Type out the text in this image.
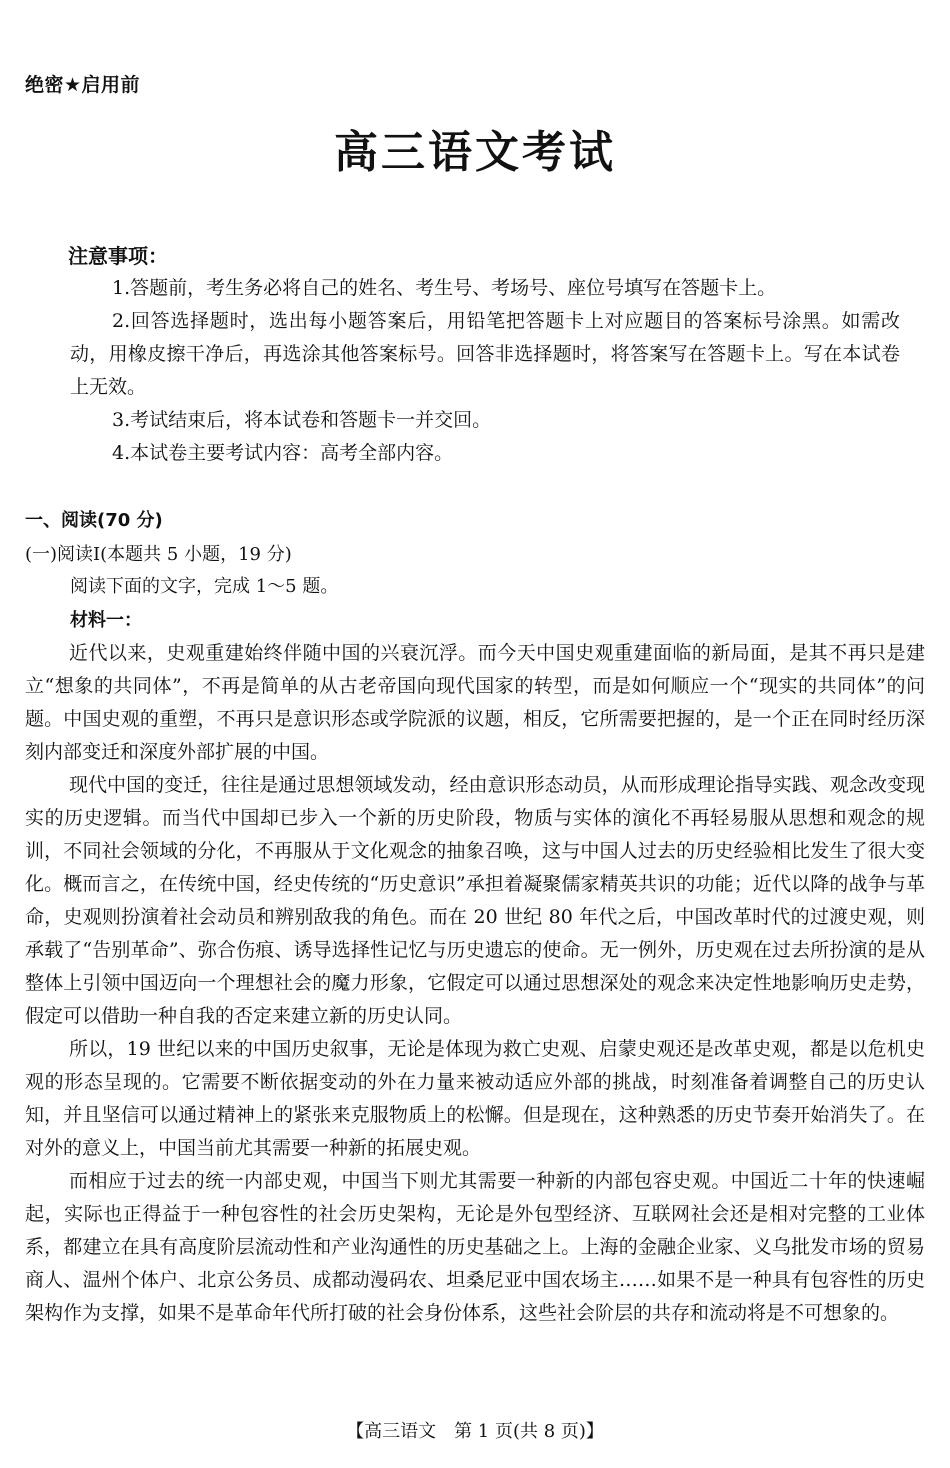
绝密★启用前
高三语文考试
注意事项：

1.答题前，考生务必将自己的姓名、考生号、考场号、座位号填写在答题卡上。

2.回答选择题时，选出每小题答案后，用铅笔把答题卡上对应题目的答案标号涂黑。如需改动，用橡皮擦干净后，再选涂其他答案标号。回答非选择题时，将答案写在答题卡上。写在本试卷上无效。

3.考试结束后，将本试卷和答题卡一并交回。

4.本试卷主要考试内容：高考全部内容。

一、阅读(70 分)
(一)阅读Ⅰ(本题共 5 小题，19 分)
阅读下面的文字，完成 1～5 题。
材料一：

近代以来，史观重建始终伴随中国的兴衰沉浮。而今天中国史观重建面临的新局面，是其不再只是建立“想象的共同体”，不再是简单的从古老帝国向现代国家的转型，而是如何顺应一个“现实的共同体”的问题。中国史观的重塑，不再只是意识形态或学院派的议题，相反，它所需要把握的，是一个正在同时经历深刻内部变迁和深度外部扩展的中国。

现代中国的变迁，往往是通过思想领域发动，经由意识形态动员，从而形成理论指导实践、观念改变现实的历史逻辑。而当代中国却已步入一个新的历史阶段，物质与实体的演化不再轻易服从思想和观念的规训，不同社会领域的分化，不再服从于文化观念的抽象召唤，这与中国人过去的历史经验相比发生了很大变化。概而言之，在传统中国，经史传统的“历史意识”承担着凝聚儒家精英共识的功能；近代以降的战争与革命，史观则扮演着社会动员和辨别敌我的角色。而在 20 世纪 80 年代之后，中国改革时代的过渡史观，则承载了“告别革命”、弥合伤痕、诱导选择性记忆与历史遗忘的使命。无一例外，历史观在过去所扮演的是从整体上引领中国迈向一个理想社会的魔力形象，它假定可以通过思想深处的观念来决定性地影响历史走势，假定可以借助一种自我的否定来建立新的历史认同。

所以，19 世纪以来的中国历史叙事，无论是体现为救亡史观、启蒙史观还是改革史观，都是以危机史观的形态呈现的。它需要不断依据变动的外在力量来被动适应外部的挑战，时刻准备着调整自己的历史认知，并且坚信可以通过精神上的紧张来克服物质上的松懈。但是现在，这种熟悉的历史节奏开始消失了。在对外的意义上，中国当前尤其需要一种新的拓展史观。

而相应于过去的统一内部史观，中国当下则尤其需要一种新的内部包容史观。中国近二十年的快速崛起，实际也正得益于一种包容性的社会历史架构，无论是外包型经济、互联网社会还是相对完整的工业体系，都建立在具有高度阶层流动性和产业沟通性的历史基础之上。上海的金融企业家、义乌批发市场的贸易商人、温州个体户、北京公务员、成都动漫码农、坦桑尼亚中国农场主……如果不是一种具有包容性的历史架构作为支撑，如果不是革命年代所打破的社会身份体系，这些社会阶层的共存和流动将是不可想象的。

【高三语文　第 1 页(共 8 页)】
